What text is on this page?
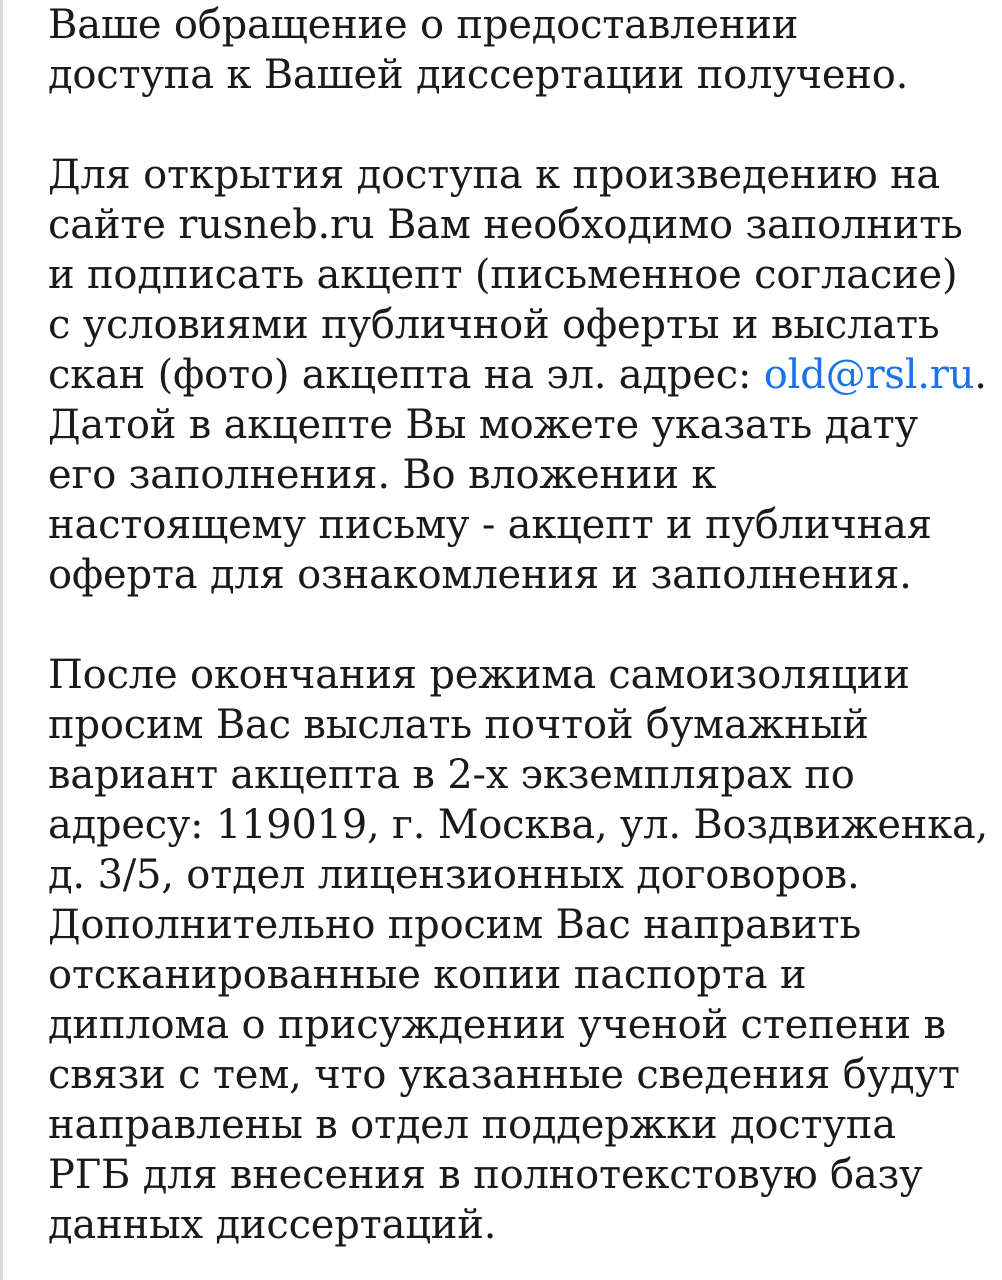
Ваше обращение о предоставлении
доступа к Вашей диссертации получено.
Для открытия доступа к произведению на
сайте rusneb.ru Вам необходимо заполнить
и подписать акцепт (письменное согласие)
с условиями публичной оферты и выслать
скан (фото) акцепта на эл. адрес: old@rsl.ru.
Датой в акцепте Вы можете указать дату
его заполнения. Во вложении к
настоящему письму - акцепт и публичная
оферта для ознакомления и заполнения.
После окончания режима самоизоляции
просим Вас выслать почтой бумажный
вариант акцепта в 2-х экземплярах по
адресу: 119019, г. Москва, ул. Воздвиженка,
д. 3/5, отдел лицензионных договоров.
Дополнительно просим Вас направить
отсканированные копии паспорта и
диплома о присуждении ученой степени в
связи с тем, что указанные сведения будут
направлены в отдел поддержки доступа
РГБ для внесения в полнотекстовую базу
данных диссертаций.
